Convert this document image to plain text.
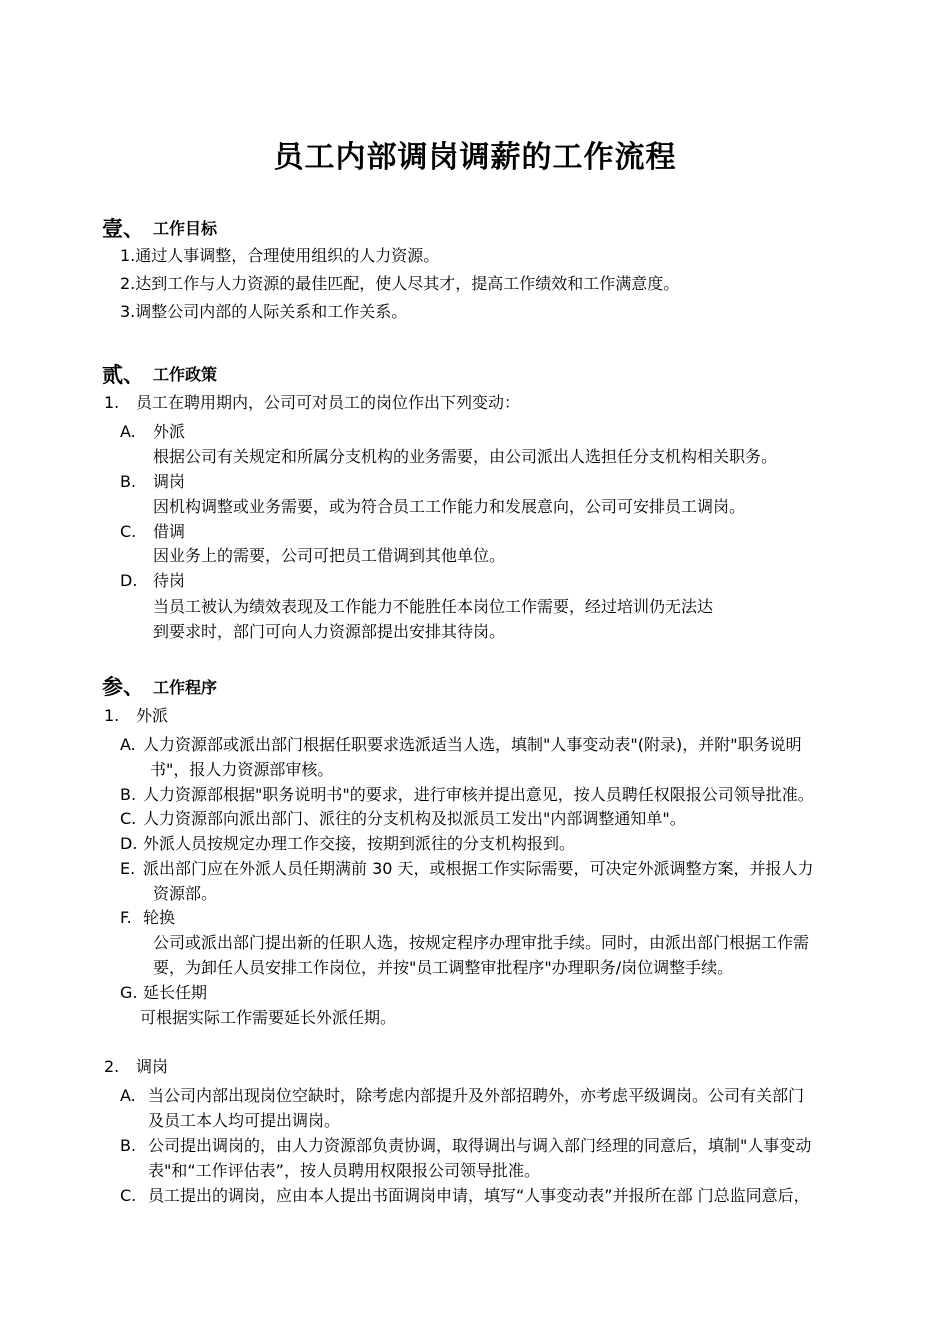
员工内部调岗调薪的工作流程
壹、 工作目标
1.通过人事调整，合理使用组织的人力资源。
2.达到工作与人力资源的最佳匹配，使人尽其才，提高工作绩效和工作满意度。
3.调整公司内部的人际关系和工作关系。
贰、 工作政策
1. 员工在聘用期内，公司可对员工的岗位作出下列变动：
A. 外派
根据公司有关规定和所属分支机构的业务需要，由公司派出人选担任分支机构相关职务。
B. 调岗
因机构调整或业务需要，或为符合员工工作能力和发展意向，公司可安排员工调岗。
C. 借调
因业务上的需要，公司可把员工借调到其他单位。
D. 待岗
当员工被认为绩效表现及工作能力不能胜任本岗位工作需要，经过培训仍无法达
到要求时，部门可向人力资源部提出安排其待岗。
参、 工作程序
1. 外派
A. 人力资源部或派出部门根据任职要求选派适当人选，填制"人事变动表"(附录)，并附"职务说明
书"，报人力资源部审核。
B. 人力资源部根据"职务说明书"的要求，进行审核并提出意见，按人员聘任权限报公司领导批准。
C. 人力资源部向派出部门、派往的分支机构及拟派员工发出"内部调整通知单"。
D. 外派人员按规定办理工作交接，按期到派往的分支机构报到。
E. 派出部门应在外派人员任期满前 30 天，或根据工作实际需要，可决定外派调整方案，并报人力
资源部。
F. 轮换
公司或派出部门提出新的任职人选，按规定程序办理审批手续。同时，由派出部门根据工作需
要，为卸任人员安排工作岗位，并按"员工调整审批程序"办理职务/岗位调整手续。
G. 延长任期
可根据实际工作需要延长外派任期。
2. 调岗
A. 当公司内部出现岗位空缺时，除考虑内部提升及外部招聘外，亦考虑平级调岗。公司有关部门
及员工本人均可提出调岗。
B. 公司提出调岗的，由人力资源部负责协调，取得调出与调入部门经理的同意后，填制"人事变动
表"和“工作评估表”，按人员聘用权限报公司领导批准。
C. 员工提出的调岗，应由本人提出书面调岗申请，填写“人事变动表”并报所在部 门总监同意后，
